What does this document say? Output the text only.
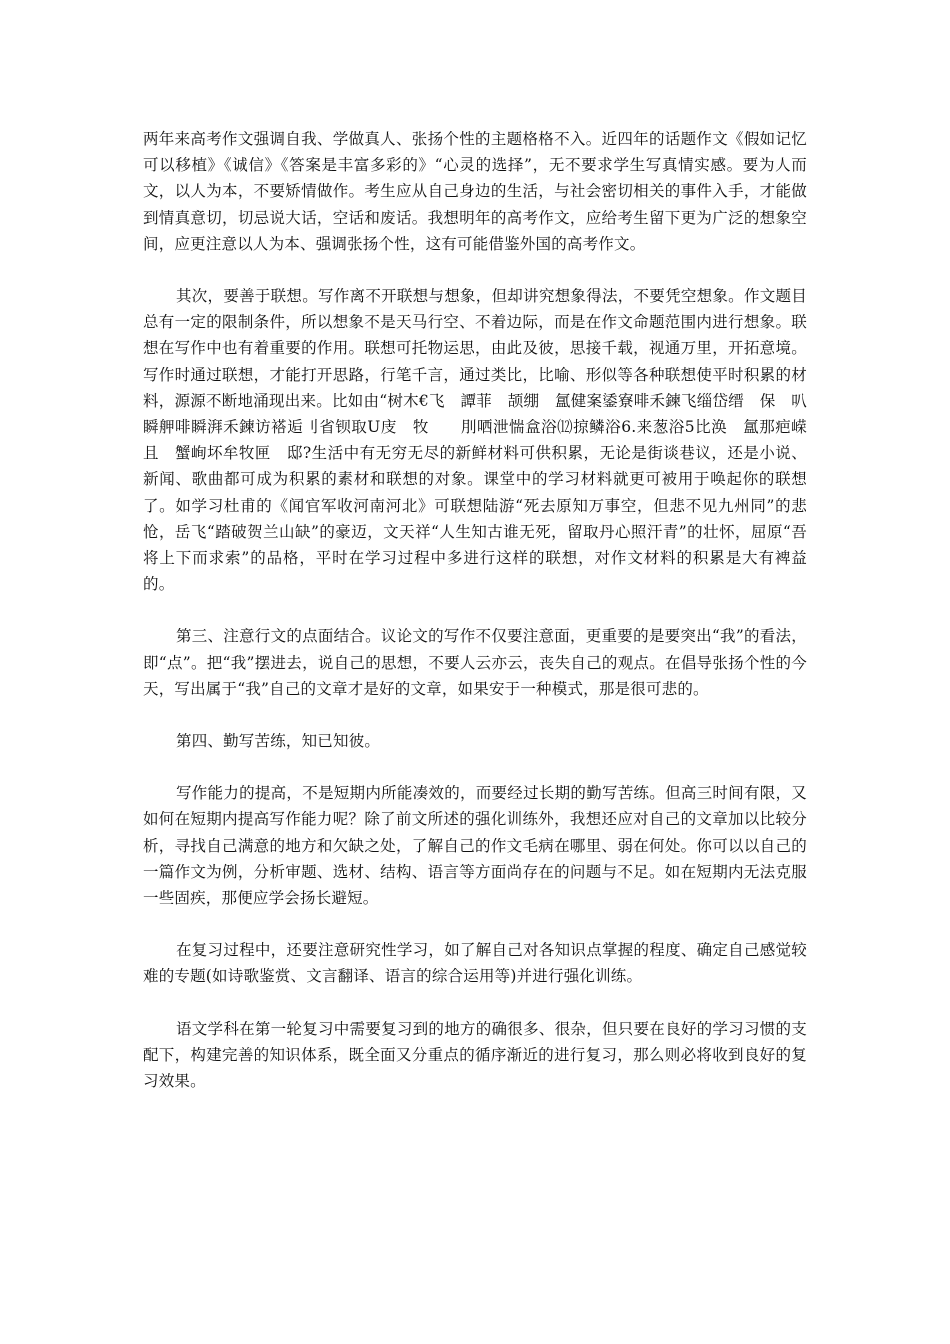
两年来高考作文强调自我、学做真人、张扬个性的主题格格不入。近四年的话题作文《假如记忆可以移植》《诚信》《答案是丰富多彩的》“心灵的选择”，无不要求学生写真情实感。要为人而文，以人为本，不要矫情做作。考生应从自己身边的生活，与社会密切相关的事件入手，才能做到情真意切，切忌说大话，空话和废话。我想明年的高考作文，应给考生留下更为广泛的想象空间，应更注意以人为本、强调张扬个性，这有可能借鉴外国的高考作文。

其次，要善于联想。写作离不开联想与想象，但却讲究想象得法，不要凭空想象。作文题目总有一定的限制条件，所以想象不是天马行空、不着边际，而是在作文命题范围内进行想象。联想在写作中也有着重要的作用。联想可托物运思，由此及彼，思接千载，视通万里，开拓意境。写作时通过联想，才能打开思路，行笔千言，通过类比，比喻、形似等各种联想使平时积累的材料，源源不断地涌现出来。比如由“树木€飞　譚菲　颉绷　氲健案鋈寮啡禾鍊飞缁岱缙　保　叭瞬舺啡瞬湃禾鍊访褡逅刂省钡取U庋　牧　　刖哂泄惴盒浴⑿掠鳞浴6.来葱浴5比涣　氲那疤嵘且　蟹峋坏牟牧匣　邸?生活中有无穷无尽的新鲜材料可供积累，无论是街谈巷议，还是小说、新闻、歌曲都可成为积累的素材和联想的对象。课堂中的学习材料就更可被用于唤起你的联想了。如学习杜甫的《闻官军收河南河北》可联想陆游“死去原知万事空，但悲不见九州同”的悲怆，岳飞“踏破贺兰山缺”的豪迈，文天祥“人生知古谁无死，留取丹心照汗青”的壮怀，屈原“吾将上下而求索”的品格，平时在学习过程中多进行这样的联想，对作文材料的积累是大有裨益的。

第三、注意行文的点面结合。议论文的写作不仅要注意面，更重要的是要突出“我”的看法，即“点”。把“我”摆进去，说自己的思想，不要人云亦云，丧失自己的观点。在倡导张扬个性的今天，写出属于“我”自己的文章才是好的文章，如果安于一种模式，那是很可悲的。

第四、勤写苦练，知已知彼。

写作能力的提高，不是短期内所能凑效的，而要经过长期的勤写苦练。但高三时间有限，又如何在短期内提高写作能力呢？除了前文所述的强化训练外，我想还应对自己的文章加以比较分析，寻找自己满意的地方和欠缺之处，了解自己的作文毛病在哪里、弱在何处。你可以以自己的一篇作文为例，分析审题、选材、结构、语言等方面尚存在的问题与不足。如在短期内无法克服一些固疾，那便应学会扬长避短。

在复习过程中，还要注意研究性学习，如了解自己对各知识点掌握的程度、确定自己感觉较难的专题(如诗歌鉴赏、文言翻译、语言的综合运用等)并进行强化训练。

语文学科在第一轮复习中需要复习到的地方的确很多、很杂，但只要在良好的学习习惯的支配下，构建完善的知识体系，既全面又分重点的循序渐近的进行复习，那么则必将收到良好的复习效果。
